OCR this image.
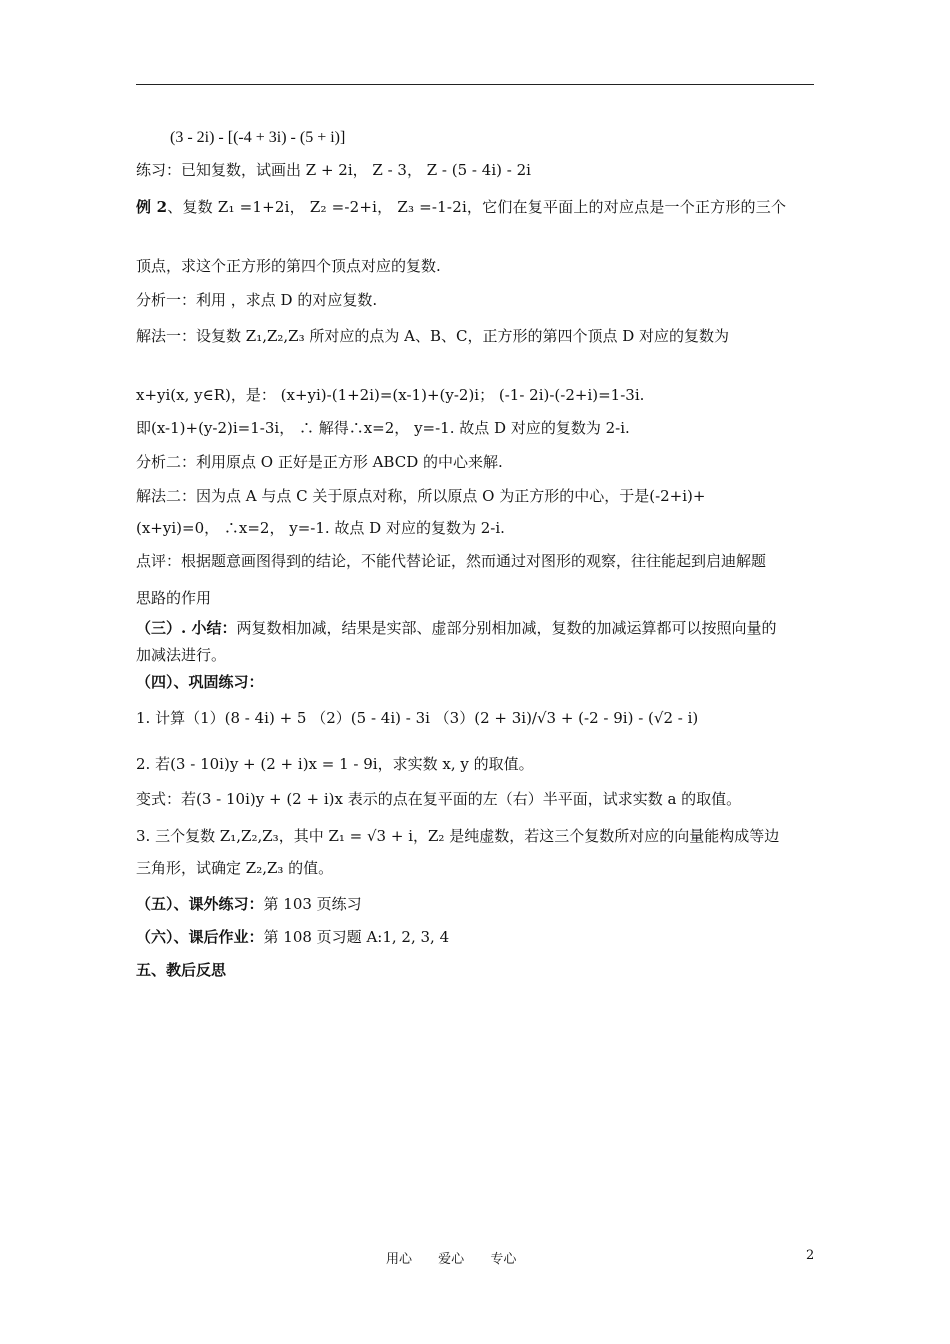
(3 - 2i) - [(-4 + 3i) - (5 + i)]
练习：已知复数，试画出 Z + 2i， Z - 3， Z - (5 - 4i) - 2i
例 2、复数 Z₁ =1+2i， Z₂ =-2+i， Z₃ =-1-2i，它们在复平面上的对应点是一个正方形的三个
顶点，求这个正方形的第四个顶点对应的复数.
分析一：利用 ，求点 D 的对应复数.
解法一：设复数 Z₁,Z₂,Z₃ 所对应的点为 A、B、C，正方形的第四个顶点 D 对应的复数为
x+yi(x, y∈R)，是： (x+yi)-(1+2i)=(x-1)+(y-2)i； (-1- 2i)-(-2+i)=1-3i.
即(x-1)+(y-2)i=1-3i， ∴ 解得∴x=2， y=-1. 故点 D 对应的复数为 2-i.
分析二：利用原点 O 正好是正方形 ABCD 的中心来解.
解法二：因为点 A 与点 C 关于原点对称，所以原点 O 为正方形的中心，于是(-2+i)+
(x+yi)=0， ∴x=2， y=-1. 故点 D 对应的复数为 2-i.
点评：根据题意画图得到的结论，不能代替论证，然而通过对图形的观察，往往能起到启迪解题
思路的作用
（三）. 小结：两复数相加减，结果是实部、虚部分别相加减，复数的加减运算都可以按照向量的
加减法进行。
（四）、巩固练习：
1. 计算（1）(8 - 4i) + 5 （2）(5 - 4i) - 3i （3）(2 + 3i)/√3 + (-2 - 9i) - (√2 - i)
2. 若(3 - 10i)y + (2 + i)x = 1 - 9i，求实数 x, y 的取值。
变式：若(3 - 10i)y + (2 + i)x 表示的点在复平面的左（右）半平面，试求实数 a 的取值。
3. 三个复数 Z₁,Z₂,Z₃，其中 Z₁ = √3 + i，Z₂ 是纯虚数，若这三个复数所对应的向量能构成等边
三角形，试确定 Z₂,Z₃ 的值。
（五）、课外练习：第 103 页练习
（六）、课后作业：第 108 页习题 A:1, 2, 3, 4
五、教后反思
用心 爱心 专心	2
